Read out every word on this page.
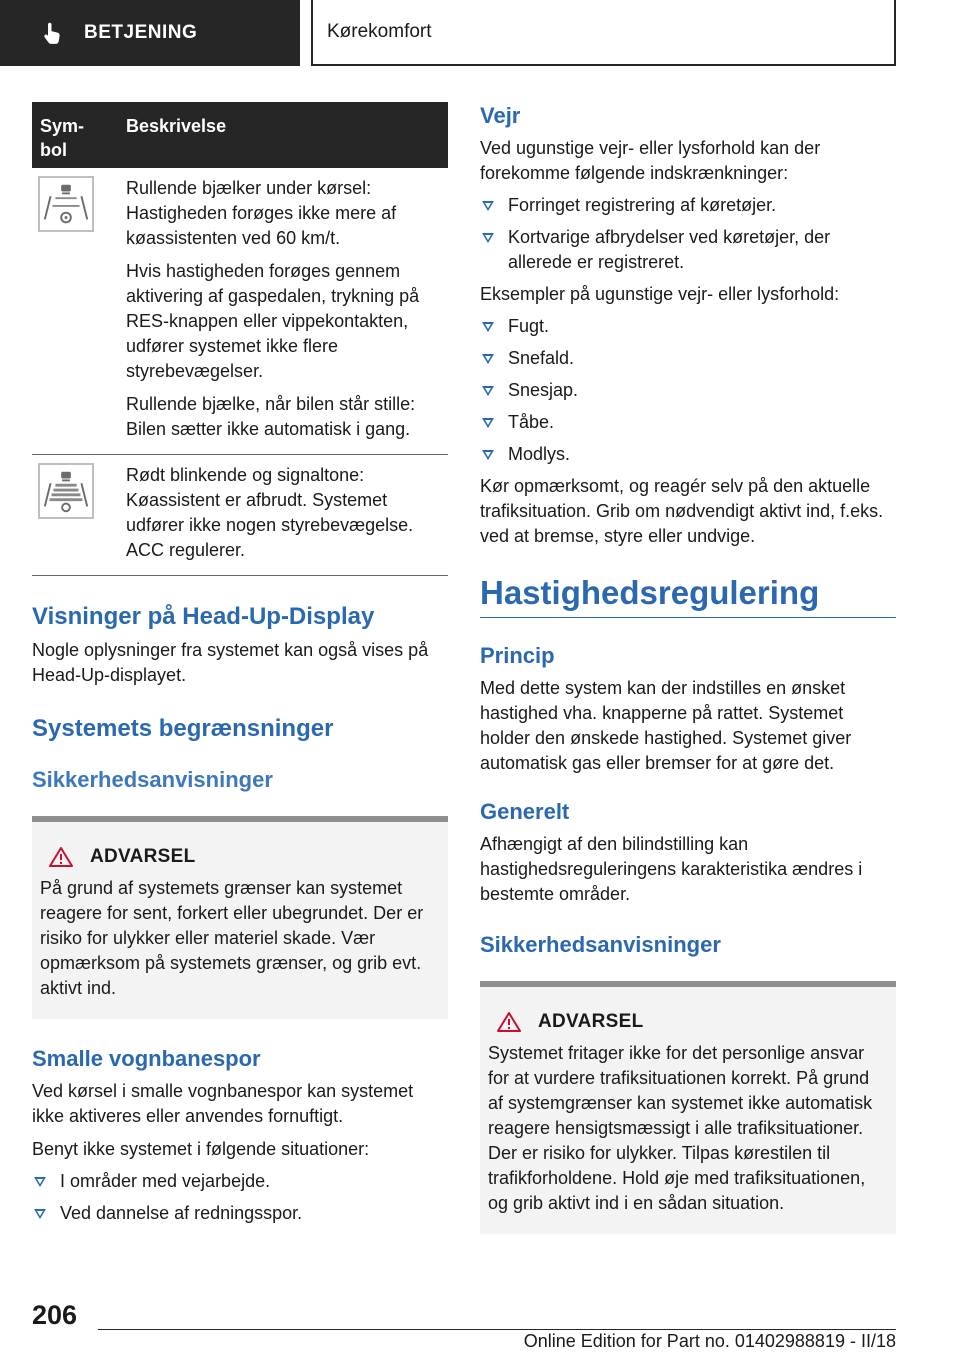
BETJENING	Kørekomfort
Sym-
bol
Beskrivelse

Rullende bjælker under kørsel: Hastigheden forøges ikke mere af køassistenten ved 60 km/t.

Hvis hastigheden forøges gennem aktivering af gaspedalen, trykning på RES-knappen eller vippekontakten, udfører systemet ikke flere styrebevægelser.

Rullende bjælke, når bilen står stille: Bilen sætter ikke automatisk i gang.

Rødt blinkende og signaltone: Køassistent er afbrudt. Systemet udfører ikke nogen styrebevægelse. ACC regulerer.

Visninger på Head-Up-Display
Nogle oplysninger fra systemet kan også vises på Head-Up-displayet.
Systemets begrænsninger
Sikkerhedsanvisninger
ADVARSEL
På grund af systemets grænser kan systemet reagere for sent, forkert eller ubegrundet. Der er risiko for ulykker eller materiel skade. Vær opmærksom på systemets grænser, og grib evt. aktivt ind.
Smalle vognbanespor
Ved kørsel i smalle vognbanespor kan systemet ikke aktiveres eller anvendes fornuftigt.
Benyt ikke systemet i følgende situationer:
I områder med vejarbejde.
Ved dannelse af redningsspor.
Vejr
Ved ugunstige vejr- eller lysforhold kan der forekomme følgende indskrænkninger:
Forringet registrering af køretøjer.
Kortvarige afbrydelser ved køretøjer, der allerede er registreret.
Eksempler på ugunstige vejr- eller lysforhold:
Fugt.
Snefald.
Snesjap.
Tåbe.
Modlys.
Kør opmærksomt, og reagér selv på den aktuelle trafiksituation. Grib om nødvendigt aktivt ind, f.eks. ved at bremse, styre eller undvige.
Hastighedsregulering
Princip
Med dette system kan der indstilles en ønsket hastighed vha. knapperne på rattet. Systemet holder den ønskede hastighed. Systemet giver automatisk gas eller bremser for at gøre det.
Generelt
Afhængigt af den bilindstilling kan hastighedsreguleringens karakteristika ændres i bestemte områder.
Sikkerhedsanvisninger
ADVARSEL
Systemet fritager ikke for det personlige ansvar for at vurdere trafiksituationen korrekt. På grund af systemgrænser kan systemet ikke automatisk reagere hensigtsmæssigt i alle trafiksituationer. Der er risiko for ulykker. Tilpas kørestilen til trafikforholdene. Hold øje med trafiksituationen, og grib aktivt ind i en sådan situation.
206
Online Edition for Part no. 01402988819 - II/18
